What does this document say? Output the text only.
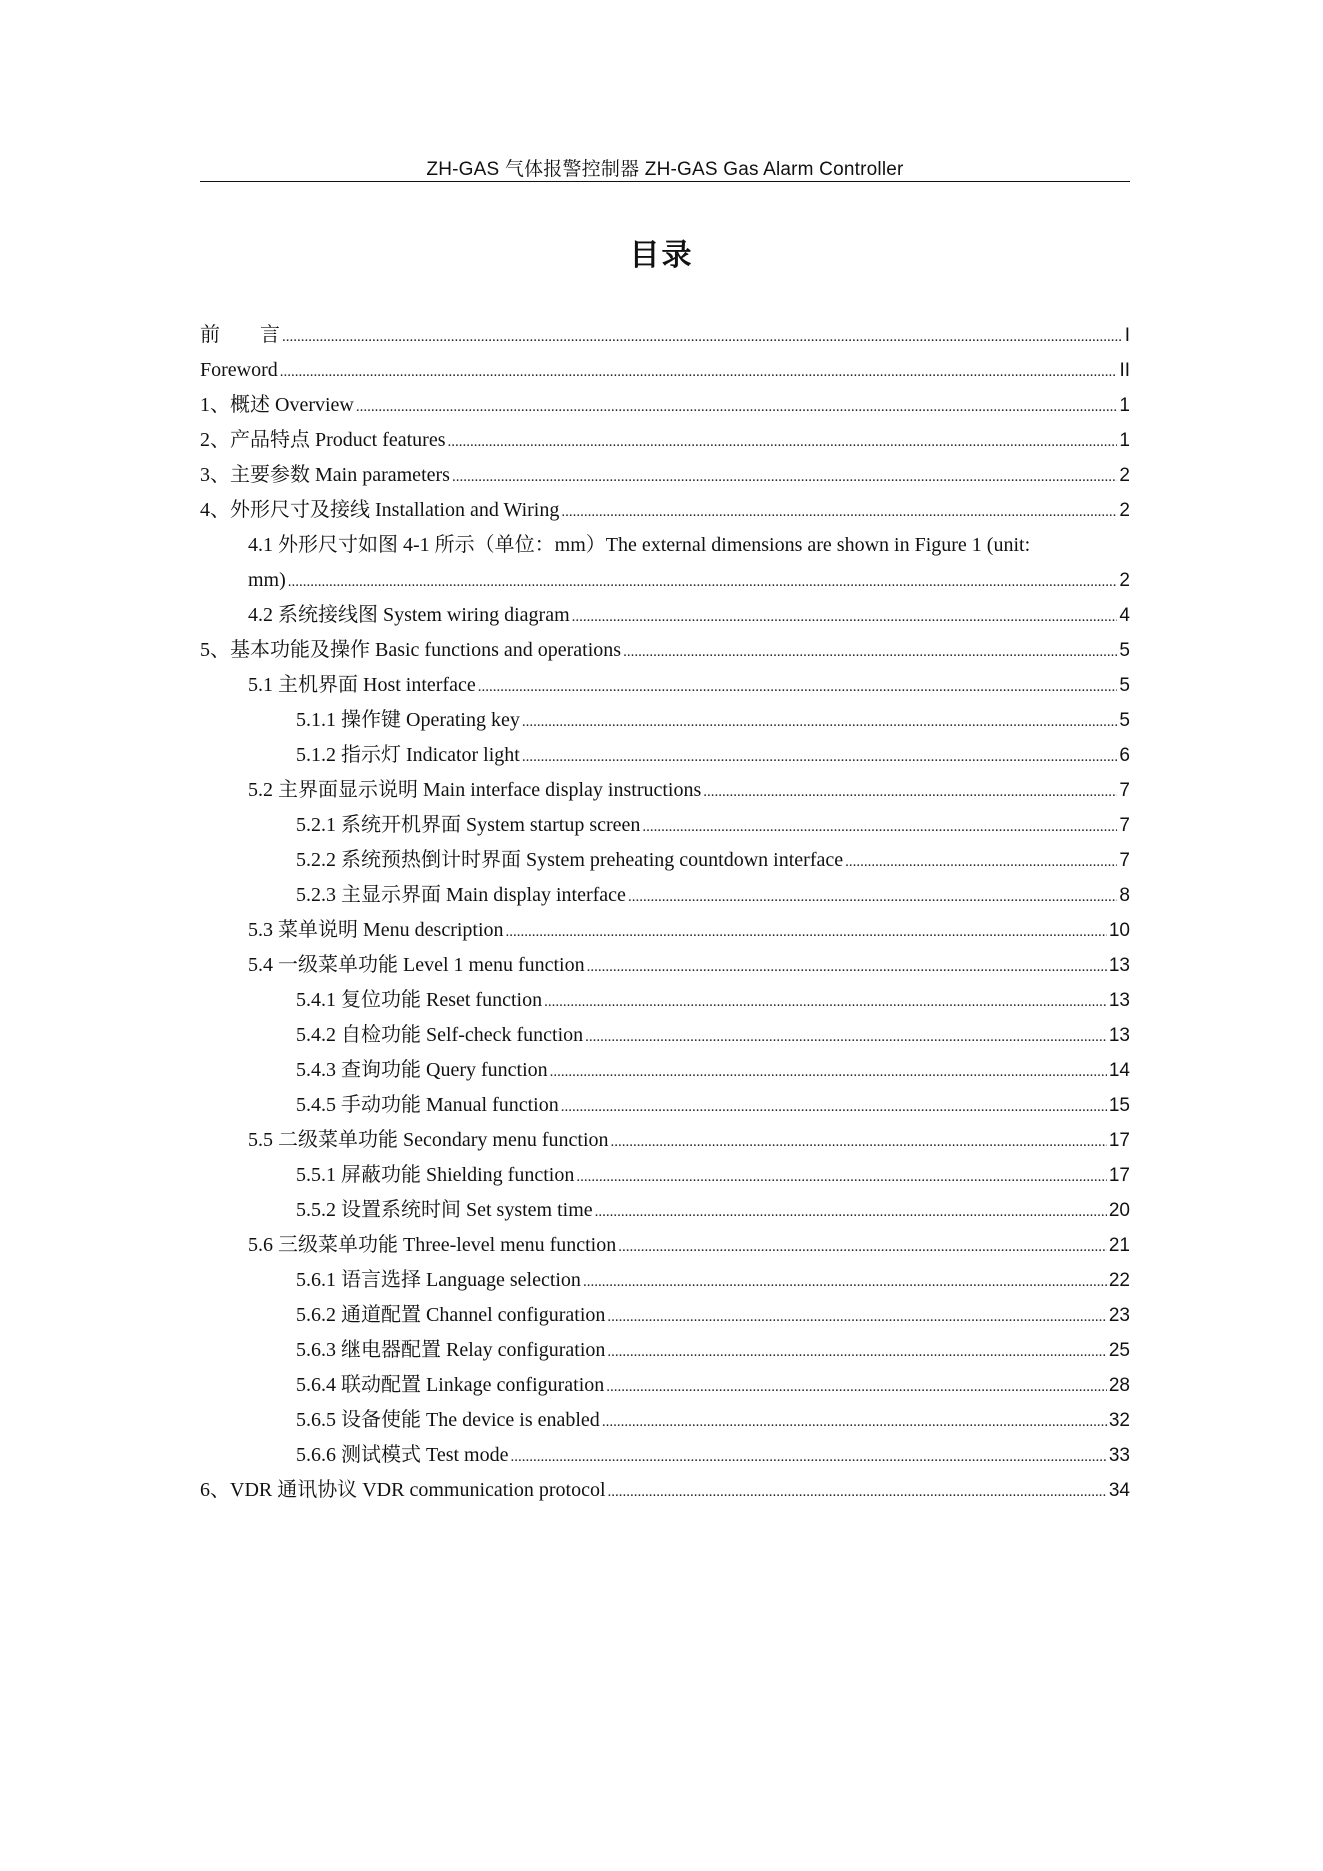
ZH-GAS 气体报警控制器 ZH-GAS Gas Alarm Controller
目录
前　　言 .....	I
Foreword .....	II
1、概述 Overview .....	1
2、产品特点 Product features .....	1
3、主要参数 Main parameters .....	2
4、外形尺寸及接线 Installation and Wiring .....	2
4.1 外形尺寸如图 4-1 所示（单位：mm）The external dimensions are shown in Figure 1 (unit:
mm) .....	2
4.2 系统接线图 System wiring diagram .....	4
5、基本功能及操作 Basic functions and operations .....	5
5.1 主机界面 Host interface .....	5
5.1.1 操作键 Operating key .....	5
5.1.2 指示灯 Indicator light .....	6
5.2 主界面显示说明 Main interface display instructions .....	7
5.2.1 系统开机界面 System startup screen .....	7
5.2.2 系统预热倒计时界面 System preheating countdown interface .....	7
5.2.3 主显示界面 Main display interface .....	8
5.3 菜单说明 Menu description .....	10
5.4 一级菜单功能 Level 1 menu function .....	13
5.4.1 复位功能 Reset function .....	13
5.4.2 自检功能 Self-check function .....	13
5.4.3 查询功能 Query function .....	14
5.4.5 手动功能 Manual function .....	15
5.5 二级菜单功能 Secondary menu function .....	17
5.5.1 屏蔽功能 Shielding function .....	17
5.5.2 设置系统时间 Set system time .....	20
5.6 三级菜单功能 Three-level menu function .....	21
5.6.1 语言选择 Language selection .....	22
5.6.2 通道配置 Channel configuration .....	23
5.6.3 继电器配置 Relay configuration .....	25
5.6.4 联动配置 Linkage configuration .....	28
5.6.5 设备使能 The device is enabled .....	32
5.6.6 测试模式 Test mode .....	33
6、VDR 通讯协议 VDR communication protocol .....	34
